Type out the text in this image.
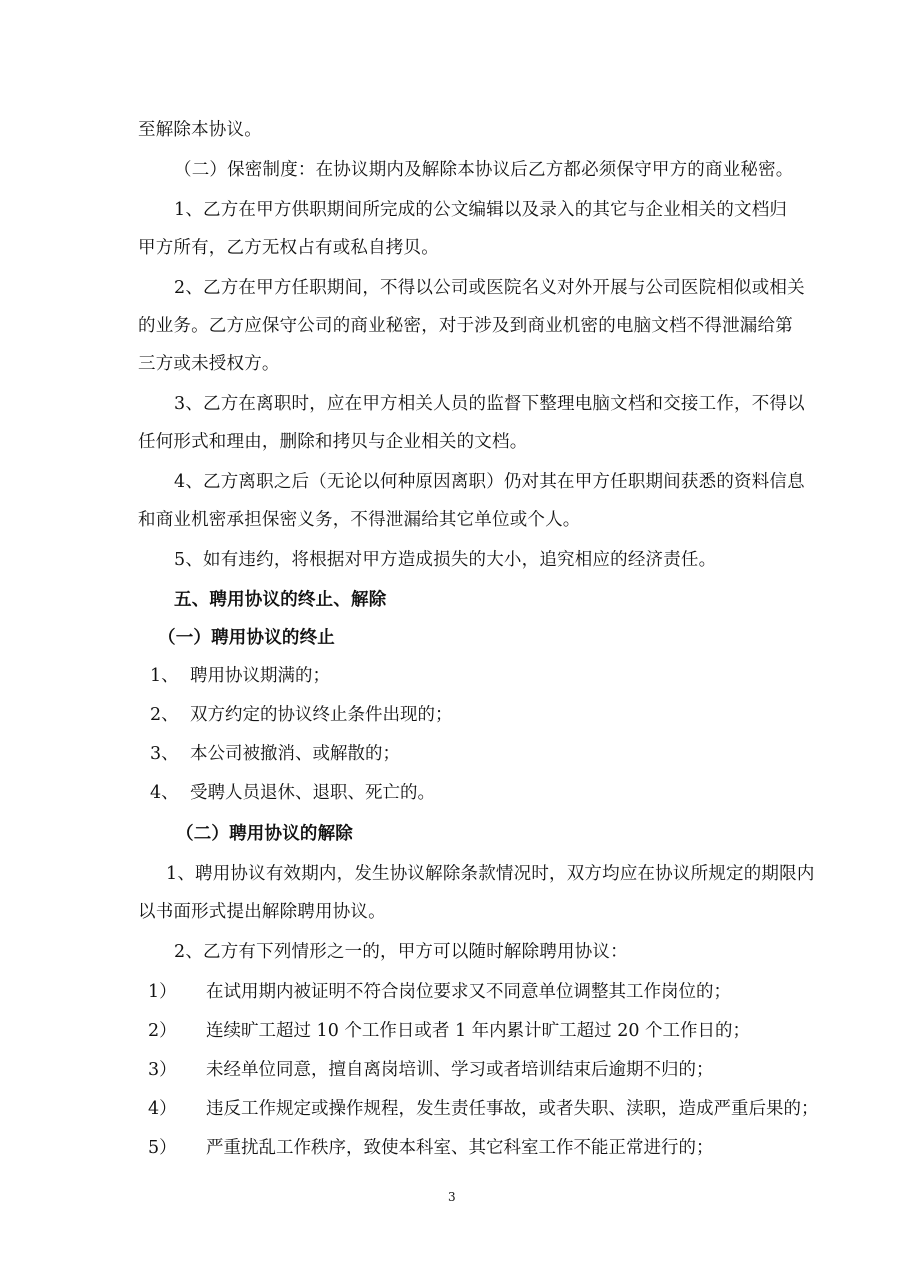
至解除本协议。
（二）保密制度：在协议期内及解除本协议后乙方都必须保守甲方的商业秘密。
1、乙方在甲方供职期间所完成的公文编辑以及录入的其它与企业相关的文档归
甲方所有，乙方无权占有或私自拷贝。
2、乙方在甲方任职期间，不得以公司或医院名义对外开展与公司医院相似或相关
的业务。乙方应保守公司的商业秘密，对于涉及到商业机密的电脑文档不得泄漏给第
三方或未授权方。
3、乙方在离职时，应在甲方相关人员的监督下整理电脑文档和交接工作，不得以
任何形式和理由，删除和拷贝与企业相关的文档。
4、乙方离职之后（无论以何种原因离职）仍对其在甲方任职期间获悉的资料信息
和商业机密承担保密义务，不得泄漏给其它单位或个人。
5、如有违约，将根据对甲方造成损失的大小，追究相应的经济责任。
五、聘用协议的终止、解除
（一）聘用协议的终止
1、 聘用协议期满的；
2、 双方约定的协议终止条件出现的；
3、 本公司被撤消、或解散的；
4、 受聘人员退休、退职、死亡的。
（二）聘用协议的解除
1、聘用协议有效期内，发生协议解除条款情况时，双方均应在协议所规定的期限内
以书面形式提出解除聘用协议。
2、乙方有下列情形之一的，甲方可以随时解除聘用协议：
1） 在试用期内被证明不符合岗位要求又不同意单位调整其工作岗位的；
2） 连续旷工超过 10 个工作日或者 1 年内累计旷工超过 20 个工作日的；
3） 未经单位同意，擅自离岗培训、学习或者培训结束后逾期不归的；
4） 违反工作规定或操作规程，发生责任事故，或者失职、渎职，造成严重后果的；
5） 严重扰乱工作秩序，致使本科室、其它科室工作不能正常进行的；
3
